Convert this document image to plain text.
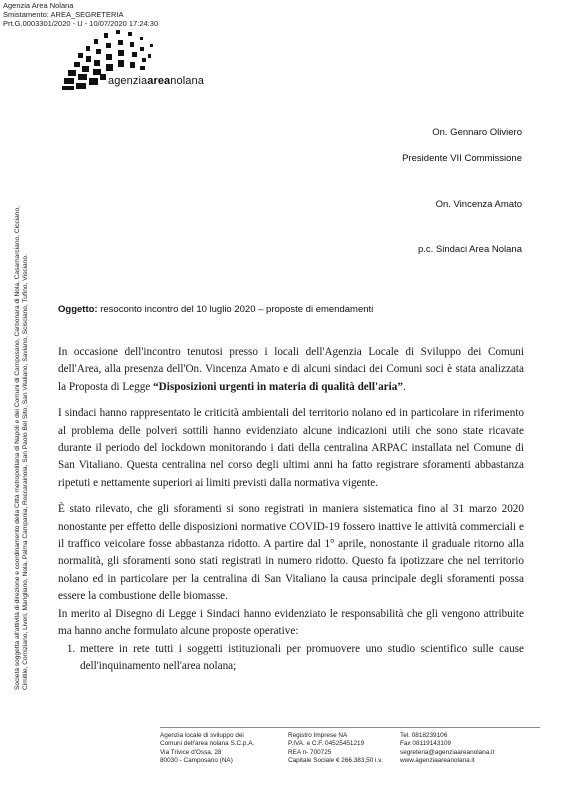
Agenzia Area Nolana
Smistamento: AREA_SEGRETERIA
Prt.G.0003301/2020 - U - 10/07/2020 17:24:30
agenziaareanolana
Società soggetta all'attività di direzione e coordinamento della Città metropolitana di Napoli e dei Comuni di Camposano, Carbonara di Nola, Casamarciano, Cicciano, Cimitile, Comiziano, Liveri, Marigliano, Nola, Palma Campania, Roccarainola, San Paolo Bel Sito, San Vitaliano, Saviano, Scisciano, Tufino, Visciano.
On. Gennaro Oliviero
Presidente VII Commissione
On. Vincenza Amato
p.c. Sindaci Area Nolana
Oggetto: resoconto incontro del 10 luglio 2020 – proposte di emendamenti

In occasione dell'incontro tenutosi presso i locali dell'Agenzia Locale di Sviluppo dei Comuni dell'Area, alla presenza dell'On. Vincenza Amato e di alcuni sindaci dei Comuni soci è stata analizzata la Proposta di Legge “Disposizioni urgenti in materia di qualità dell'aria”.

I sindaci hanno rappresentato le criticità ambientali del territorio nolano ed in particolare in riferimento al problema delle polveri sottili hanno evidenziato alcune indicazioni utili che sono state ricavate durante il periodo del lockdown monitorando i dati della centralina ARPAC installata nel Comune di San Vitaliano. Questa centralina nel corso degli ultimi anni ha fatto registrare sforamenti abbastanza ripetuti e nettamente superiori ai limiti previsti dalla normativa vigente.

È stato rilevato, che gli sforamenti si sono registrati in maniera sistematica fino al 31 marzo 2020 nonostante per effetto delle disposizioni normative COVID-19 fossero inattive le attività commerciali e il traffico veicolare fosse abbastanza ridotto. A partire dal 1° aprile, nonostante il graduale ritorno alla normalità, gli sforamenti sono stati registrati in numero ridotto. Questo fa ipotizzare che nel territorio nolano ed in particolare per la centralina di San Vitaliano la causa principale degli sforamenti possa essere la combustione delle biomasse.

In merito al Disegno di Legge i Sindaci hanno evidenziato le responsabilità che gli vengono attribuite ma hanno anche formulato alcune proposte operative:

1. mettere in rete tutti i soggetti istituzionali per promuovere uno studio scientifico sulle cause dell'inquinamento nell'area nolana;
Agenzia locale di sviluppo dei
Comuni dell'area nolana S.C.p.A.
Via Trivice d'Ossa, 28
80030 - Camposano (NA)
Registro Imprese NA
P.IVA. e C.F. 04525451219
REA n- 700725
Capitale Sociale € 266.383,50 i.v.
Tel. 0818239106
Fax 08119143109
segreteria@agenziaareanolana.it
www.agenziaareanolana.it
